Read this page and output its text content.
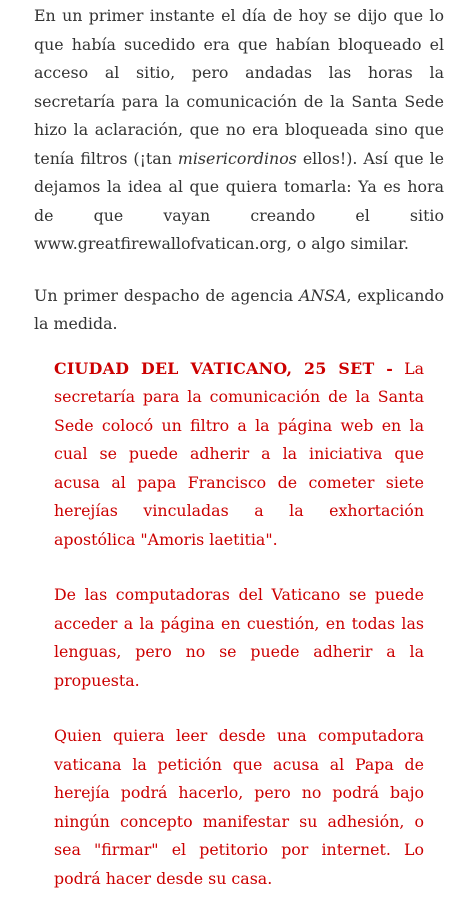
En un primer instante el día de hoy se dijo que lo que había sucedido era que habían bloqueado el acceso al sitio, pero andadas las horas la secretaría para la comunicación de la Santa Sede hizo la aclaración, que no era bloqueada sino que tenía filtros (¡tan misericordinos ellos!). Así que le dejamos la idea al que quiera tomarla: Ya es hora de que vayan creando el sitio www.greatfirewallofvatican.org, o algo similar.

Un primer despacho de agencia ANSA, explicando la medida.

CIUDAD DEL VATICANO, 25 SET - La secretaría para la comunicación de la Santa Sede colocó un filtro a la página web en la cual se puede adherir a la iniciativa que acusa al papa Francisco de cometer siete herejías vinculadas a la exhortación apostólica "Amoris laetitia".

De las computadoras del Vaticano se puede acceder a la página en cuestión, en todas las lenguas, pero no se puede adherir a la propuesta.

Quien quiera leer desde una computadora vaticana la petición que acusa al Papa de herejía podrá hacerlo, pero no podrá bajo ningún concepto manifestar su adhesión, o sea "firmar" el petitorio por internet. Lo podrá hacer desde su casa.
